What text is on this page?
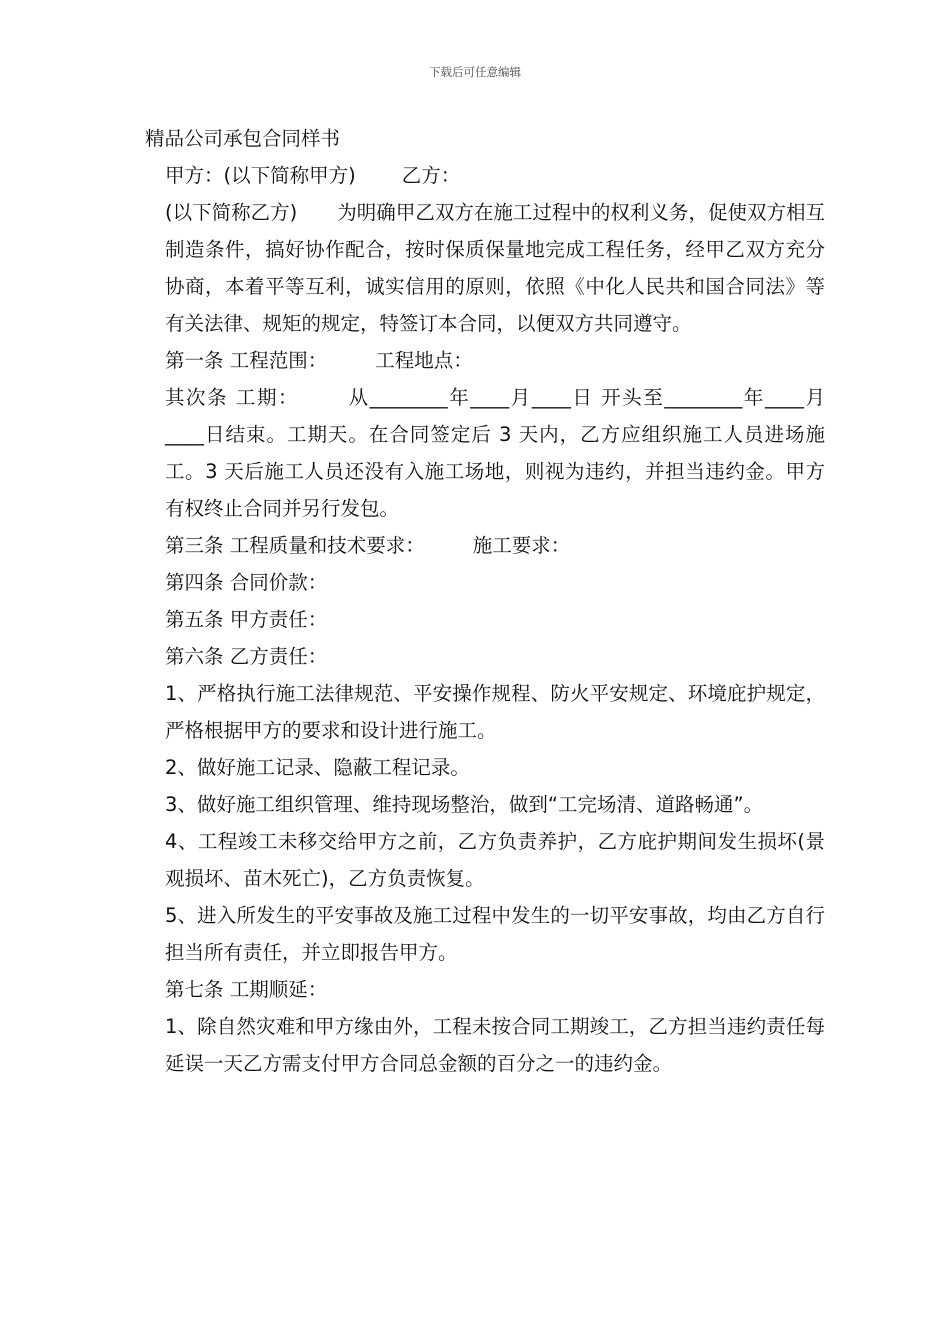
下载后可任意编辑

精品公司承包合同样书

甲方：(以下简称甲方) 乙方：

(以下简称乙方) 为明确甲乙双方在施工过程中的权利义务，促使双方相互制造条件，搞好协作配合，按时保质保量地完成工程任务，经甲乙双方充分协商，本着平等互利，诚实信用的原则，依照《中化人民共和国合同法》等有关法律、规矩的规定，特签订本合同，以便双方共同遵守。

第一条 工程范围： 工程地点：

其次条 工期： 从________年____月____日 开头至________年____月____日结束。工期天。在合同签定后 3 天内，乙方应组织施工人员进场施工。3 天后施工人员还没有入施工场地，则视为违约，并担当违约金。甲方有权终止合同并另行发包。

第三条 工程质量和技术要求： 施工要求：

第四条 合同价款：

第五条 甲方责任：

第六条 乙方责任：

1、严格执行施工法律规范、平安操作规程、防火平安规定、环境庇护规定，严格根据甲方的要求和设计进行施工。

2、做好施工记录、隐蔽工程记录。

3、做好施工组织管理、维持现场整治，做到“工完场清、道路畅通”。

4、工程竣工未移交给甲方之前，乙方负责养护，乙方庇护期间发生损坏(景观损坏、苗木死亡)，乙方负责恢复。

5、进入所发生的平安事故及施工过程中发生的一切平安事故，均由乙方自行担当所有责任，并立即报告甲方。

第七条 工期顺延：

1、除自然灾难和甲方缘由外，工程未按合同工期竣工，乙方担当违约责任每延误一天乙方需支付甲方合同总金额的百分之一的违约金。
